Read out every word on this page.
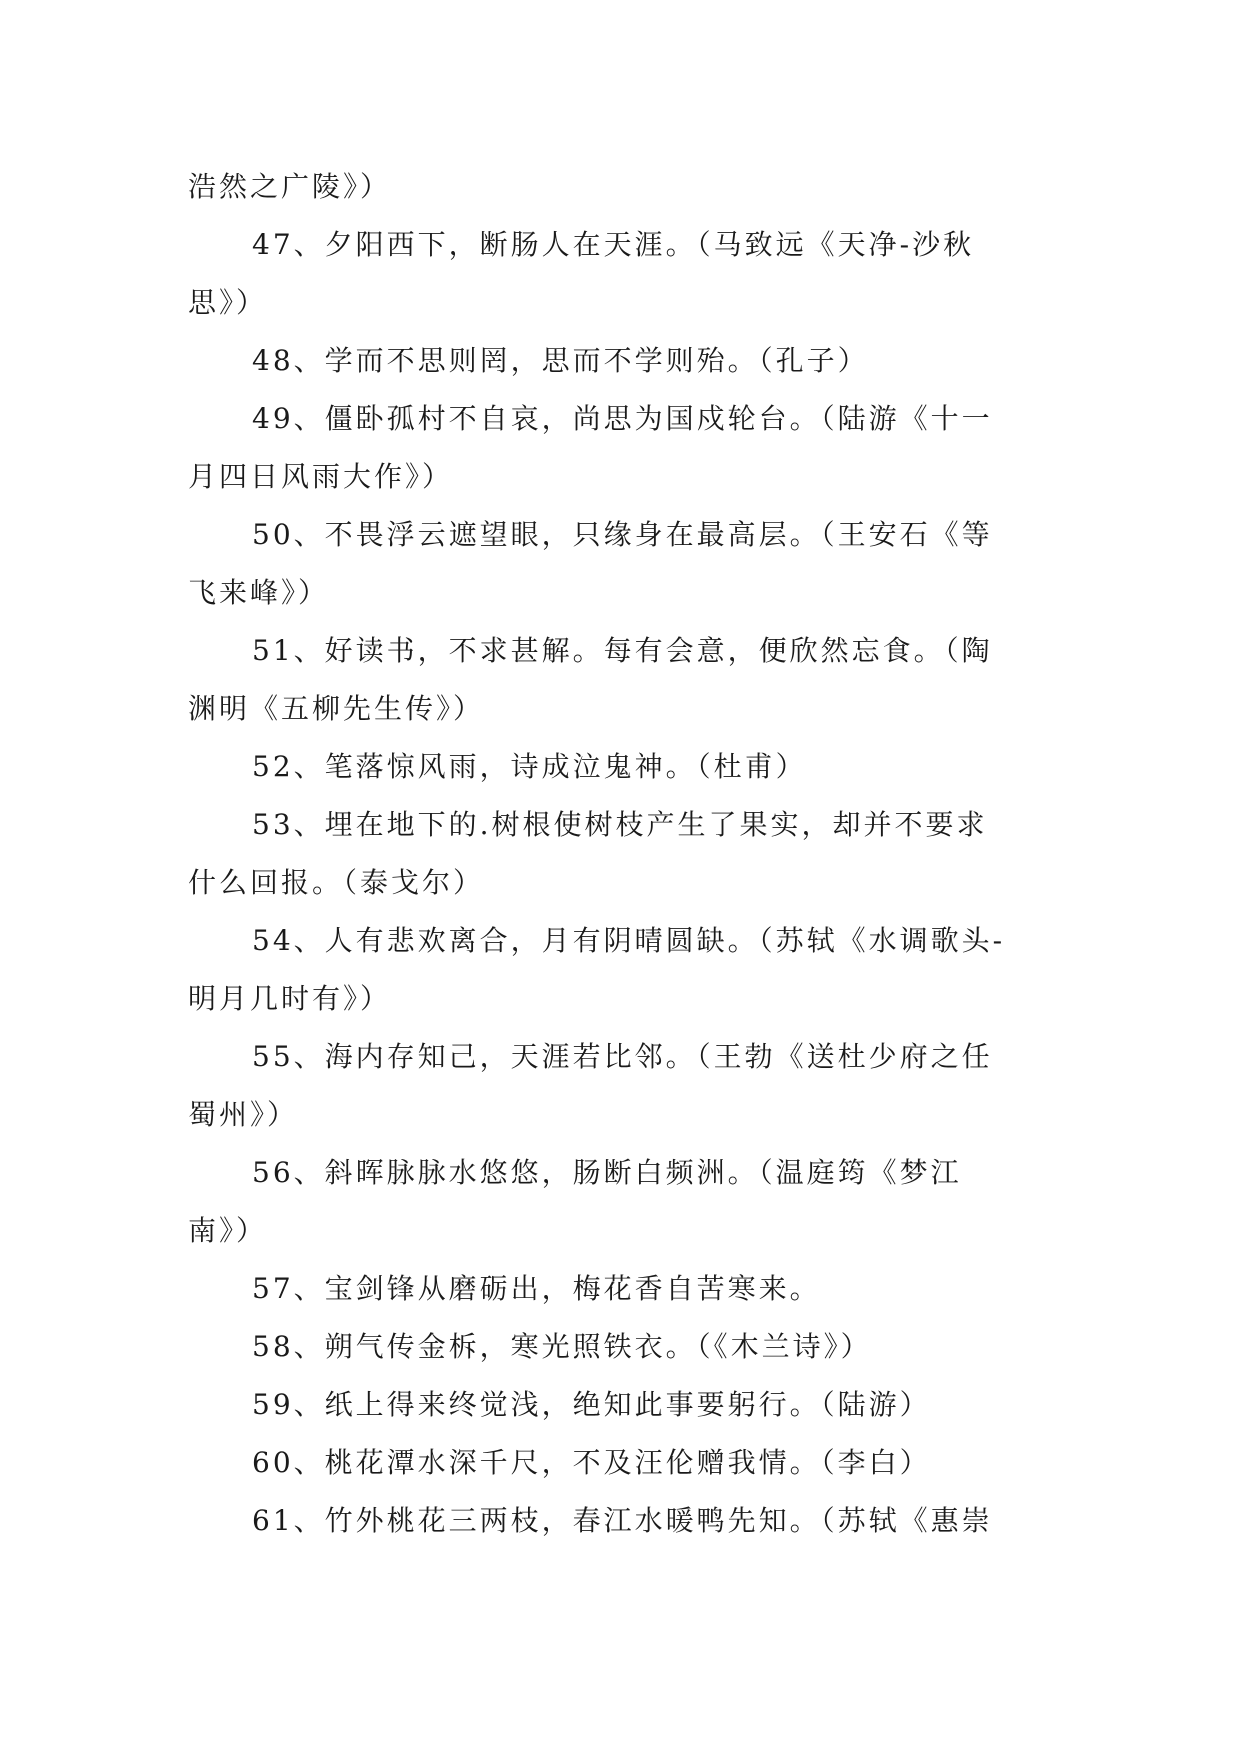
浩然之广陵》）
47、夕阳西下，断肠人在天涯。（马致远《天净-沙秋
思》）
48、学而不思则罔，思而不学则殆。（孔子）
49、僵卧孤村不自哀，尚思为国戍轮台。（陆游《十一
月四日风雨大作》）
50、不畏浮云遮望眼，只缘身在最高层。（王安石《等
飞来峰》）
51、好读书，不求甚解。每有会意，便欣然忘食。（陶
渊明《五柳先生传》）
52、笔落惊风雨，诗成泣鬼神。（杜甫）
53、埋在地下的.树根使树枝产生了果实，却并不要求
什么回报。（泰戈尔）
54、人有悲欢离合，月有阴晴圆缺。（苏轼《水调歌头-
明月几时有》）
55、海内存知己，天涯若比邻。（王勃《送杜少府之任
蜀州》）
56、斜晖脉脉水悠悠，肠断白频洲。（温庭筠《梦江
南》）
57、宝剑锋从磨砺出，梅花香自苦寒来。
58、朔气传金柝，寒光照铁衣。（《木兰诗》）
59、纸上得来终觉浅，绝知此事要躬行。（陆游）
60、桃花潭水深千尺，不及汪伦赠我情。（李白）
61、竹外桃花三两枝，春江水暖鸭先知。（苏轼《惠崇
